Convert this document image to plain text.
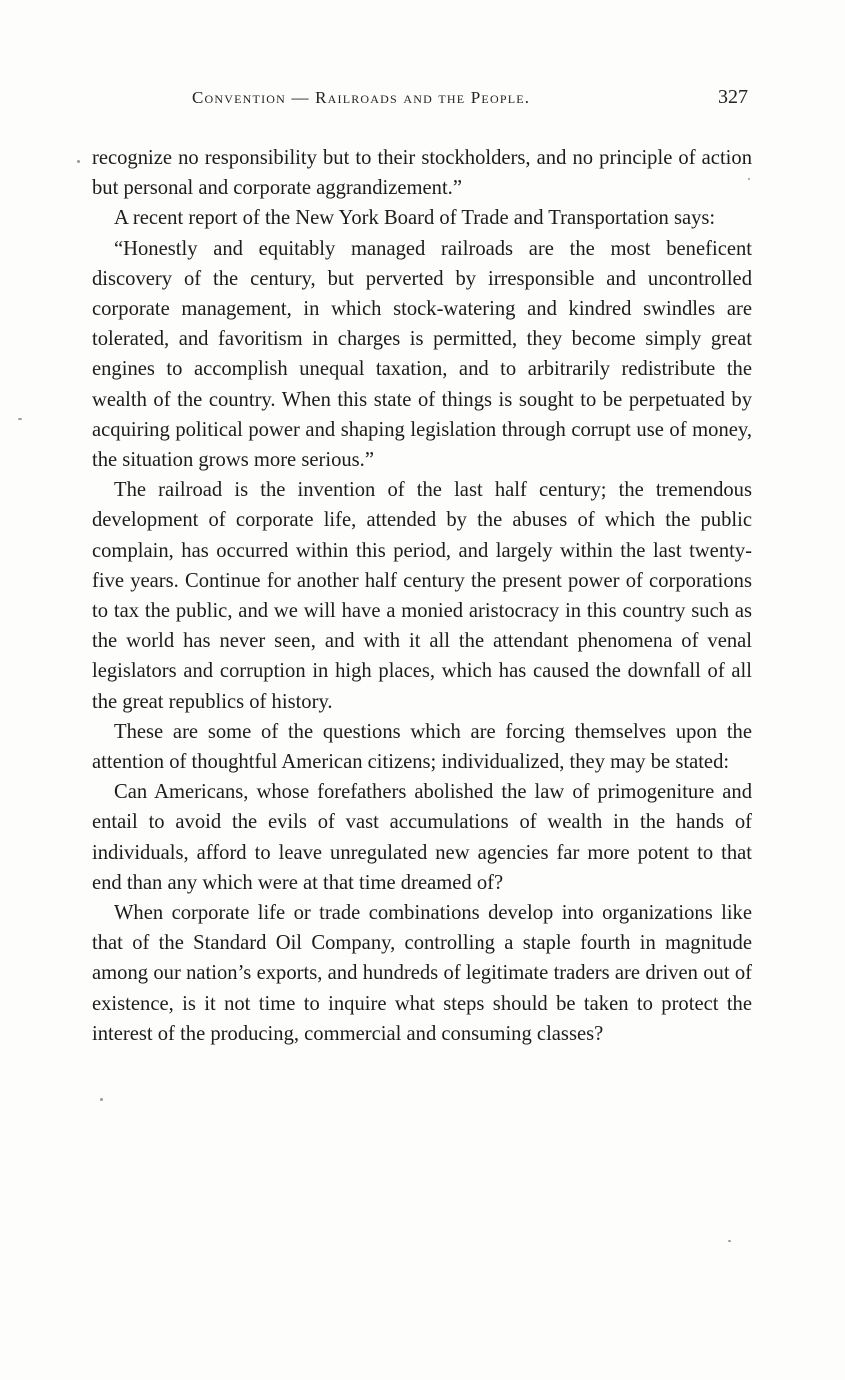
Convention — Railroads and the People.	327

recognize no responsibility but to their stockholders, and no principle of action but personal and corporate aggrandizement.”

A recent report of the New York Board of Trade and Transportation says:

“Honestly and equitably managed railroads are the most beneficent discovery of the century, but perverted by irresponsible and uncontrolled corporate management, in which stock-watering and kindred swindles are tolerated, and favoritism in charges is permitted, they become simply great engines to accomplish unequal taxation, and to arbitrarily redistribute the wealth of the country. When this state of things is sought to be perpetuated by acquiring political power and shaping legislation through corrupt use of money, the situation grows more serious.”

The railroad is the invention of the last half century; the tremendous development of corporate life, attended by the abuses of which the public complain, has occurred within this period, and largely within the last twenty-five years. Continue for another half century the present power of corporations to tax the public, and we will have a monied aristocracy in this country such as the world has never seen, and with it all the attendant phenomena of venal legislators and corruption in high places, which has caused the downfall of all the great republics of history.

These are some of the questions which are forcing themselves upon the attention of thoughtful American citizens; individualized, they may be stated:

Can Americans, whose forefathers abolished the law of primogeniture and entail to avoid the evils of vast accumulations of wealth in the hands of individuals, afford to leave unregulated new agencies far more potent to that end than any which were at that time dreamed of?

When corporate life or trade combinations develop into organizations like that of the Standard Oil Company, controlling a staple fourth in magnitude among our nation’s exports, and hundreds of legitimate traders are driven out of existence, is it not time to inquire what steps should be taken to protect the interest of the producing, commercial and consuming classes?
